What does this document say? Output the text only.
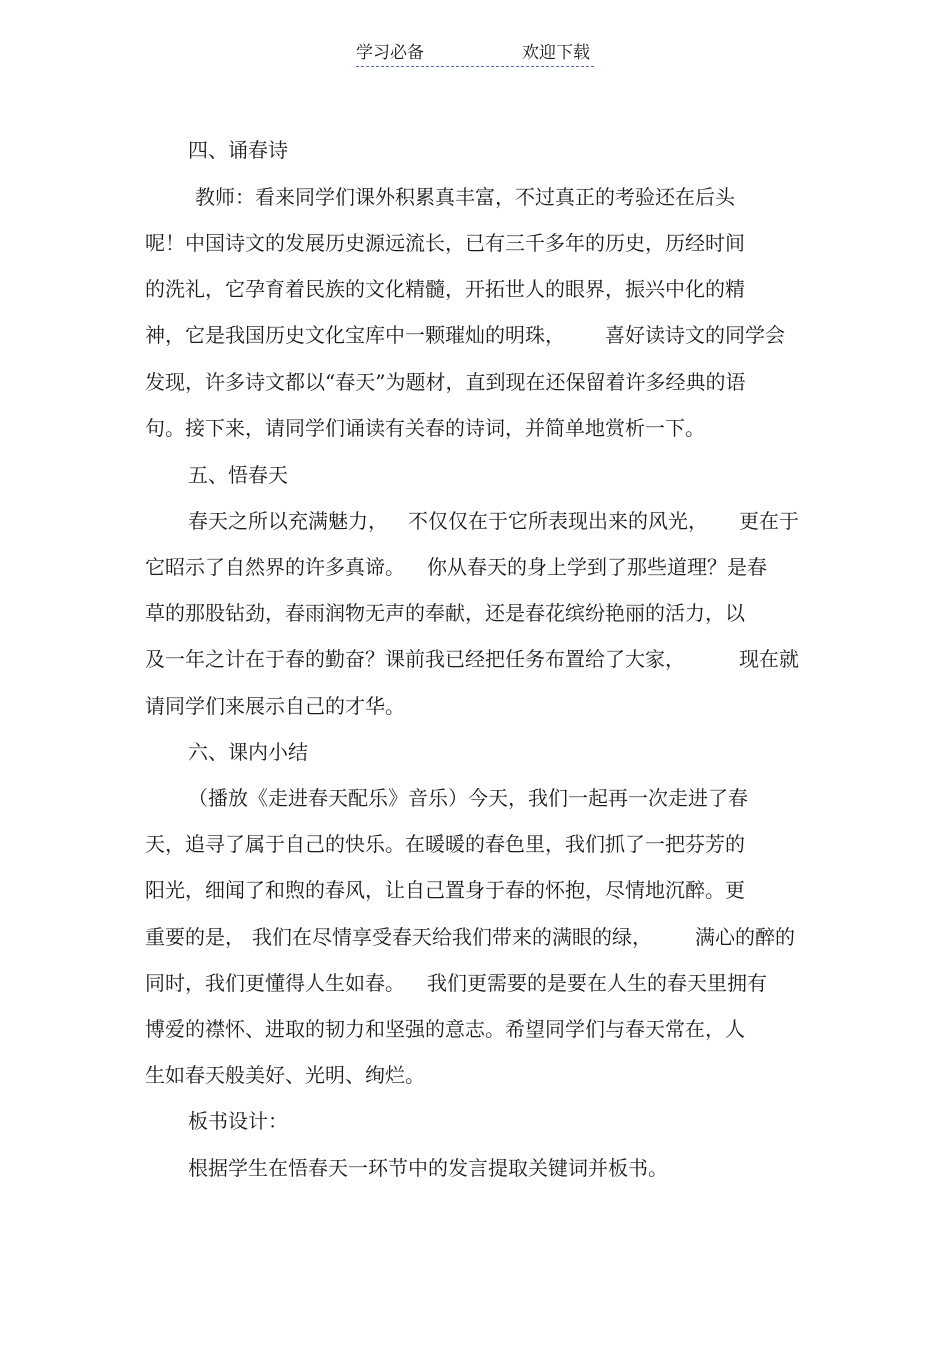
学习必备	欢迎下载
四、诵春诗
教师：看来同学们课外积累真丰富，不过真正的考验还在后头
呢！中国诗文的发展历史源远流长，已有三千多年的历史，历经时间
的洗礼，它孕育着民族的文化精髓，开拓世人的眼界，振兴中化的精
神，它是我国历史文化宝库中一颗璀灿的明珠， 喜好读诗文的同学会
发现，许多诗文都以“春天”为题材，直到现在还保留着许多经典的语
句。接下来，请同学们诵读有关春的诗词，并简单地赏析一下。
五、悟春天
春天之所以充满魅力， 不仅仅在于它所表现出来的风光， 更在于
它昭示了自然界的许多真谛。 你从春天的身上学到了那些道理？是春
草的那股钻劲，春雨润物无声的奉献，还是春花缤纷艳丽的活力，以
及一年之计在于春的勤奋？课前我已经把任务布置给了大家，	现在就
请同学们来展示自己的才华。
六、课内小结
（播放《走进春天配乐》音乐）今天，我们一起再一次走进了春
天，追寻了属于自己的快乐。在暖暖的春色里，我们抓了一把芬芳的
阳光，细闻了和煦的春风，让自己置身于春的怀抱，尽情地沉醉。更
重要的是， 我们在尽情享受春天给我们带来的满眼的绿， 满心的醉的
同时，我们更懂得人生如春。 我们更需要的是要在人生的春天里拥有
博爱的襟怀、进取的韧力和坚强的意志。希望同学们与春天常在，人
生如春天般美好、光明、绚烂。
板书设计：
根据学生在悟春天一环节中的发言提取关键词并板书。
